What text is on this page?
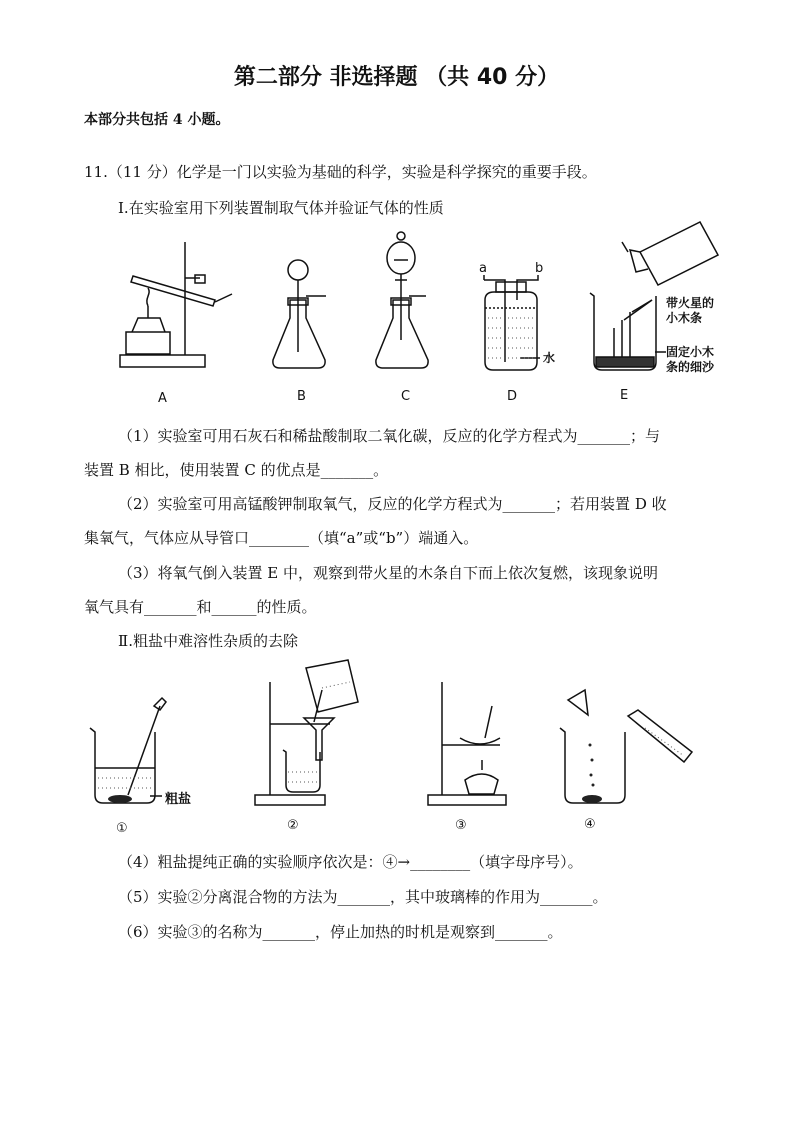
第二部分 非选择题 （共 40 分）
本部分共包括 4 小题。
11.（11 分）化学是一门以实验为基础的科学，实验是科学探究的重要手段。
Ⅰ.在实验室用下列装置制取气体并验证气体的性质
A	B	C	D	E
a	b
水
带火星的
小木条
固定小木
条的细沙
（1）实验室可用石灰石和稀盐酸制取二氧化碳，反应的化学方程式为_______；与
装置 B 相比，使用装置 C 的优点是_______。
（2）实验室可用高锰酸钾制取氧气，反应的化学方程式为_______；若用装置 D 收
集氧气，气体应从导管口________（填“a”或“b”）端通入。
（3）将氧气倒入装置 E 中，观察到带火星的木条自下而上依次复燃，该现象说明
氧气具有_______和______的性质。
Ⅱ.粗盐中难溶性杂质的去除
粗盐
①	②	③	④
（4）粗盐提纯正确的实验顺序依次是：④→________（填字母序号）。
（5）实验②分离混合物的方法为_______，其中玻璃棒的作用为_______。
（6）实验③的名称为_______，停止加热的时机是观察到_______。
